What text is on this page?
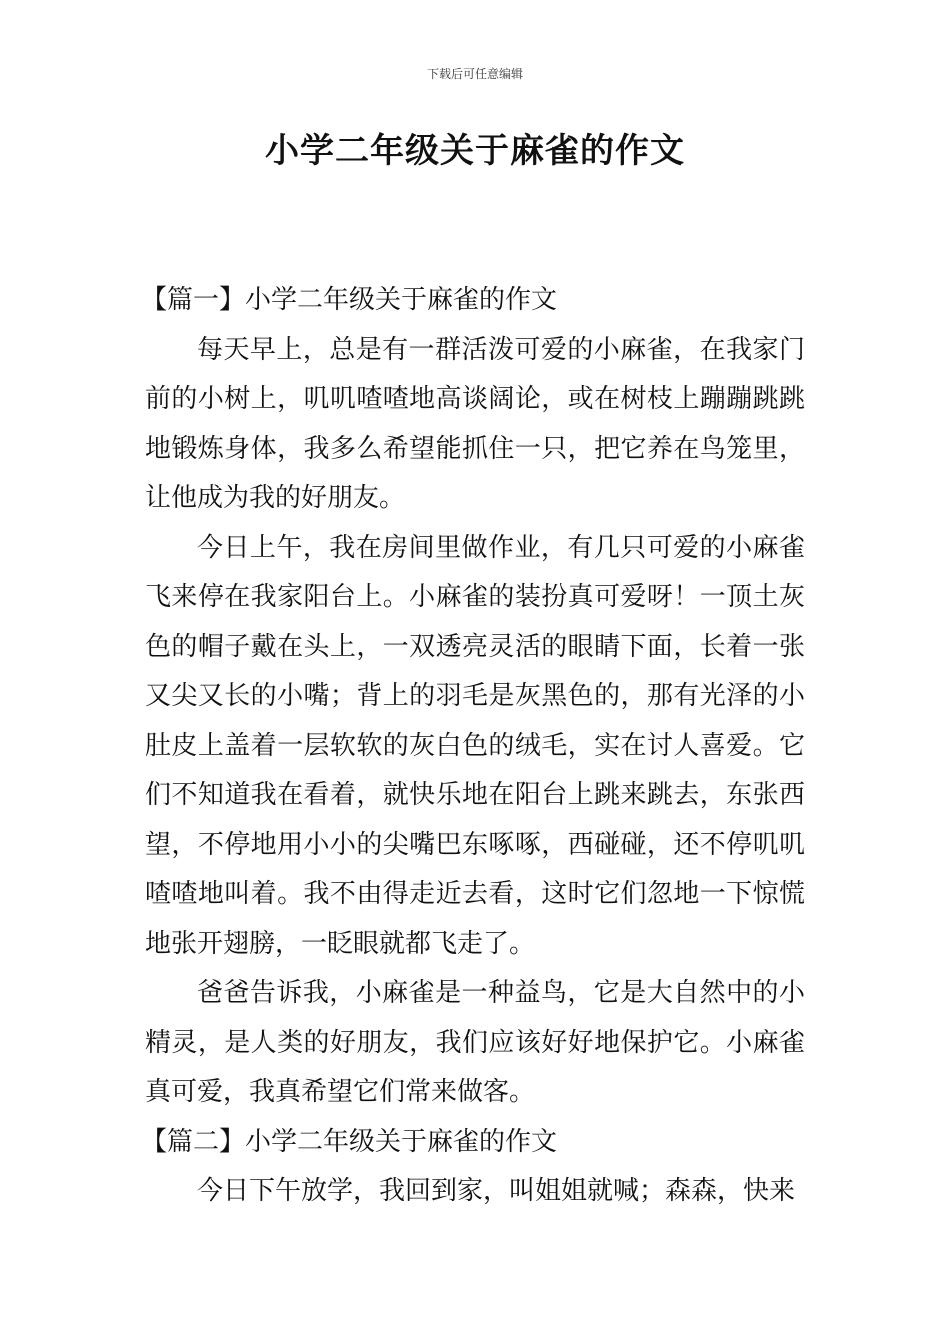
下载后可任意编辑
小学二年级关于麻雀的作文
【篇一】小学二年级关于麻雀的作文

每天早上，总是有一群活泼可爱的小麻雀，在我家门前的小树上，叽叽喳喳地高谈阔论，或在树枝上蹦蹦跳跳地锻炼身体，我多么希望能抓住一只，把它养在鸟笼里，让他成为我的好朋友。

今日上午，我在房间里做作业，有几只可爱的小麻雀飞来停在我家阳台上。小麻雀的装扮真可爱呀！一顶土灰色的帽子戴在头上，一双透亮灵活的眼睛下面，长着一张又尖又长的小嘴；背上的羽毛是灰黑色的，那有光泽的小肚皮上盖着一层软软的灰白色的绒毛，实在讨人喜爱。它们不知道我在看着，就快乐地在阳台上跳来跳去，东张西望，不停地用小小的尖嘴巴东啄啄，西碰碰，还不停叽叽喳喳地叫着。我不由得走近去看，这时它们忽地一下惊慌地张开翅膀，一眨眼就都飞走了。

爸爸告诉我，小麻雀是一种益鸟，它是大自然中的小精灵，是人类的好朋友，我们应该好好地保护它。小麻雀真可爱，我真希望它们常来做客。

【篇二】小学二年级关于麻雀的作文

今日下午放学，我回到家，叫姐姐就喊；森森，快来
